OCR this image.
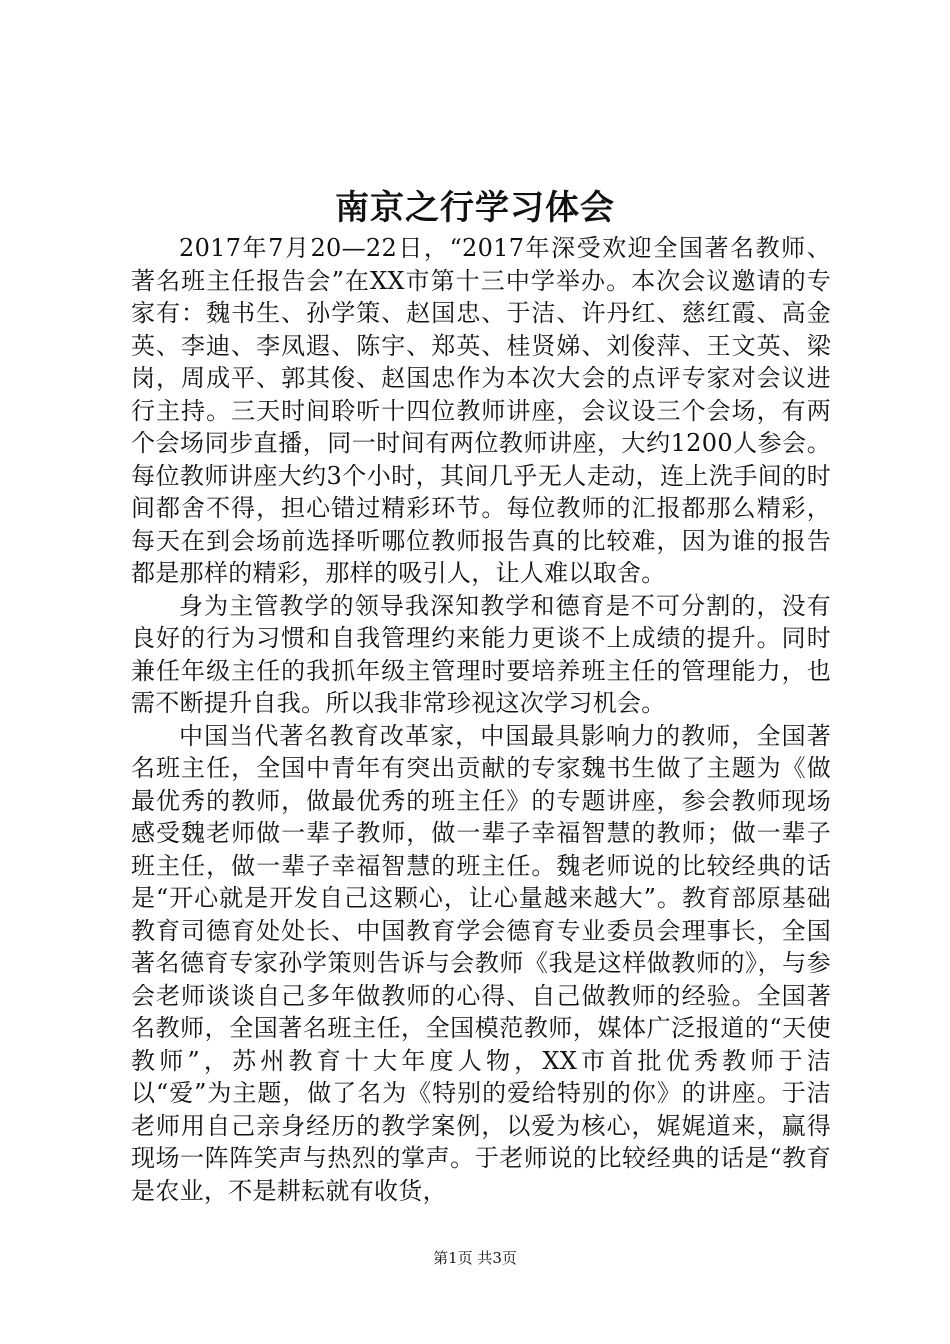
南京之行学习体会

2017年7月20—22日，“2017年深受欢迎全国著名教师、著名班主任报告会”在XX市第十三中学举办。本次会议邀请的专家有：魏书生、孙学策、赵国忠、于洁、许丹红、慈红霞、高金英、李迪、李凤遐、陈宇、郑英、桂贤娣、刘俊萍、王文英、梁岗，周成平、郭其俊、赵国忠作为本次大会的点评专家对会议进行主持。三天时间聆听十四位教师讲座，会议设三个会场，有两个会场同步直播，同一时间有两位教师讲座，大约1200人参会。每位教师讲座大约3个小时，其间几乎无人走动，连上洗手间的时间都舍不得，担心错过精彩环节。每位教师的汇报都那么精彩，每天在到会场前选择听哪位教师报告真的比较难，因为谁的报告都是那样的精彩，那样的吸引人，让人难以取舍。

身为主管教学的领导我深知教学和德育是不可分割的，没有良好的行为习惯和自我管理约来能力更谈不上成绩的提升。同时兼任年级主任的我抓年级主管理时要培养班主任的管理能力，也需不断提升自我。所以我非常珍视这次学习机会。

中国当代著名教育改革家，中国最具影响力的教师，全国著名班主任，全国中青年有突出贡献的专家魏书生做了主题为《做最优秀的教师，做最优秀的班主任》的专题讲座，参会教师现场感受魏老师做一辈子教师，做一辈子幸福智慧的教师；做一辈子班主任，做一辈子幸福智慧的班主任。魏老师说的比较经典的话是“开心就是开发自己这颗心，让心量越来越大”。教育部原基础教育司德育处处长、中国教育学会德育专业委员会理事长，全国著名德育专家孙学策则告诉与会教师《我是这样做教师的》，与参会老师谈谈自己多年做教师的心得、自己做教师的经验。全国著名教师，全国著名班主任，全国模范教师，媒体广泛报道的“天使教师”，苏州教育十大年度人物，XX市首批优秀教师于洁以“爱”为主题，做了名为《特别的爱给特别的你》的讲座。于洁老师用自己亲身经历的教学案例，以爱为核心，娓娓道来，赢得现场一阵阵笑声与热烈的掌声。于老师说的比较经典的话是“教育是农业，不是耕耘就有收货，

第1页 共3页
